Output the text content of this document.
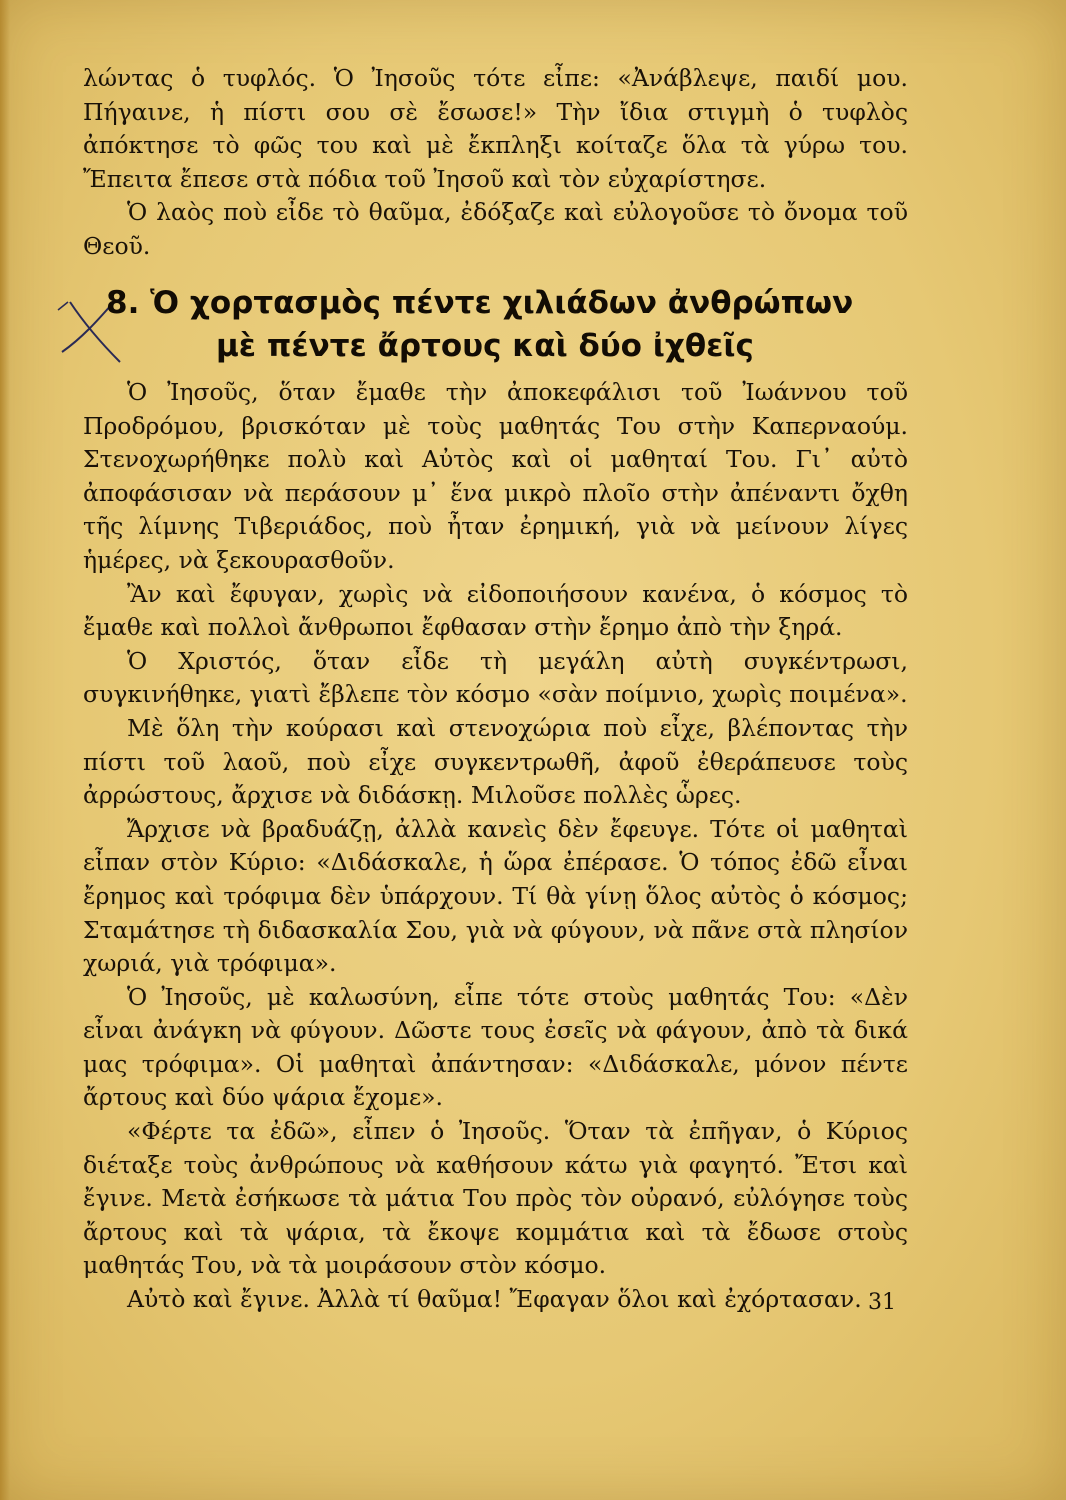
λώντας ὁ τυφλός. Ὁ Ἰησοῦς τότε εἶπε: «Ἀνάβλεψε, παιδί μου. Πήγαινε, ἡ πίστι σου σὲ ἔσωσε!» Τὴν ἴδια στιγμὴ ὁ τυφλὸς ἀπόκτησε τὸ φῶς του καὶ μὲ ἔκπληξι κοίταζε ὅλα τὰ γύρω του. Ἔπειτα ἔπεσε στὰ πόδια τοῦ Ἰησοῦ καὶ τὸν εὐχαρίστησε.

Ὁ λαὸς ποὺ εἶδε τὸ θαῦμα, ἐδόξαζε καὶ εὐλογοῦσε τὸ ὄνομα τοῦ Θεοῦ.

8. Ὁ χορτασμὸς πέντε χιλιάδων ἀνθρώπων
μὲ πέντε ἄρτους καὶ δύο ἰχθεῖς

Ὁ Ἰησοῦς, ὅταν ἔμαθε τὴν ἀποκεφάλισι τοῦ Ἰωάννου τοῦ Προδρόμου, βρισκόταν μὲ τοὺς μαθητάς Του στὴν Καπερναούμ. Στενοχωρήθηκε πολὺ καὶ Αὐτὸς καὶ οἱ μαθηταί Του. Γι᾽ αὐτὸ ἀποφάσισαν νὰ περάσουν μ᾽ ἕνα μικρὸ πλοῖο στὴν ἀπέναντι ὄχθη τῆς λίμνης Τιβεριάδος, ποὺ ἦταν ἐρημική, γιὰ νὰ μείνουν λίγες ἡμέρες, νὰ ξεκουρασθοῦν.

Ἂν καὶ ἔφυγαν, χωρὶς νὰ εἰδοποιήσουν κανένα, ὁ κόσμος τὸ ἔμαθε καὶ πολλοὶ ἄνθρωποι ἔφθασαν στὴν ἔρημο ἀπὸ τὴν ξηρά.

Ὁ Χριστός, ὅταν εἶδε τὴ μεγάλη αὐτὴ συγκέντρωσι, συγκινήθηκε, γιατὶ ἔβλεπε τὸν κόσμο «σὰν ποίμνιο, χωρὶς ποιμένα».

Μὲ ὅλη τὴν κούρασι καὶ στενοχώρια ποὺ εἶχε, βλέποντας τὴν πίστι τοῦ λαοῦ, ποὺ εἶχε συγκεντρωθῆ, ἀφοῦ ἐθεράπευσε τοὺς ἀρρώστους, ἄρχισε νὰ διδάσκῃ. Μιλοῦσε πολλὲς ὧρες.

Ἄρχισε νὰ βραδυάζῃ, ἀλλὰ κανεὶς δὲν ἔφευγε. Τότε οἱ μαθηταὶ εἶπαν στὸν Κύριο: «Διδάσκαλε, ἡ ὥρα ἐπέρασε. Ὁ τόπος ἐδῶ εἶναι ἔρημος καὶ τρόφιμα δὲν ὑπάρχουν. Τί θὰ γίνῃ ὅλος αὐτὸς ὁ κόσμος; Σταμάτησε τὴ διδασκαλία Σου, γιὰ νὰ φύγουν, νὰ πᾶνε στὰ πλησίον χωριά, γιὰ τρόφιμα».

Ὁ Ἰησοῦς, μὲ καλωσύνη, εἶπε τότε στοὺς μαθητάς Του: «Δὲν εἶναι ἀνάγκη νὰ φύγουν. Δῶστε τους ἐσεῖς νὰ φάγουν, ἀπὸ τὰ δικά μας τρόφιμα». Οἱ μαθηταὶ ἀπάντησαν: «Διδάσκαλε, μόνον πέντε ἄρτους καὶ δύο ψάρια ἔχομε».

«Φέρτε τα ἐδῶ», εἶπεν ὁ Ἰησοῦς. Ὅταν τὰ ἐπῆγαν, ὁ Κύριος διέταξε τοὺς ἀνθρώπους νὰ καθήσουν κάτω γιὰ φαγητό. Ἔτσι καὶ ἔγινε. Μετὰ ἐσήκωσε τὰ μάτια Του πρὸς τὸν οὐρανό, εὐλόγησε τοὺς ἄρτους καὶ τὰ ψάρια, τὰ ἔκοψε κομμάτια καὶ τὰ ἔδωσε στοὺς μαθητάς Του, νὰ τὰ μοιράσουν στὸν κόσμο.

Αὐτὸ καὶ ἔγινε. Ἀλλὰ τί θαῦμα! Ἔφαγαν ὅλοι καὶ ἐχόρτασαν. 31
